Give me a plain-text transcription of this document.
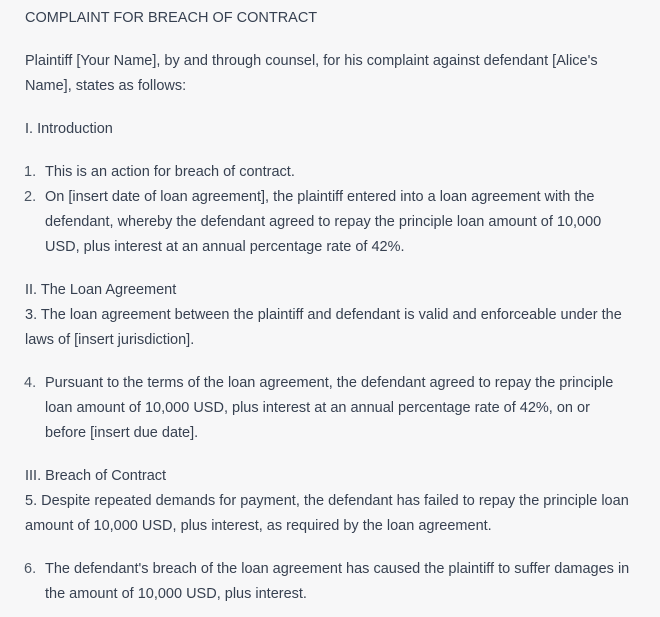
COMPLAINT FOR BREACH OF CONTRACT

Plaintiff [Your Name], by and through counsel, for his complaint against defendant [Alice's Name], states as follows:

I. Introduction

1. This is an action for breach of contract.
2. On [insert date of loan agreement], the plaintiff entered into a loan agreement with the defendant, whereby the defendant agreed to repay the principle loan amount of 10,000 USD, plus interest at an annual percentage rate of 42%.

II. The Loan Agreement

3. The loan agreement between the plaintiff and defendant is valid and enforceable under the laws of [insert jurisdiction].

4. Pursuant to the terms of the loan agreement, the defendant agreed to repay the principle loan amount of 10,000 USD, plus interest at an annual percentage rate of 42%, on or before [insert due date].

III. Breach of Contract

5. Despite repeated demands for payment, the defendant has failed to repay the principle loan amount of 10,000 USD, plus interest, as required by the loan agreement.

6. The defendant's breach of the loan agreement has caused the plaintiff to suffer damages in the amount of 10,000 USD, plus interest.
